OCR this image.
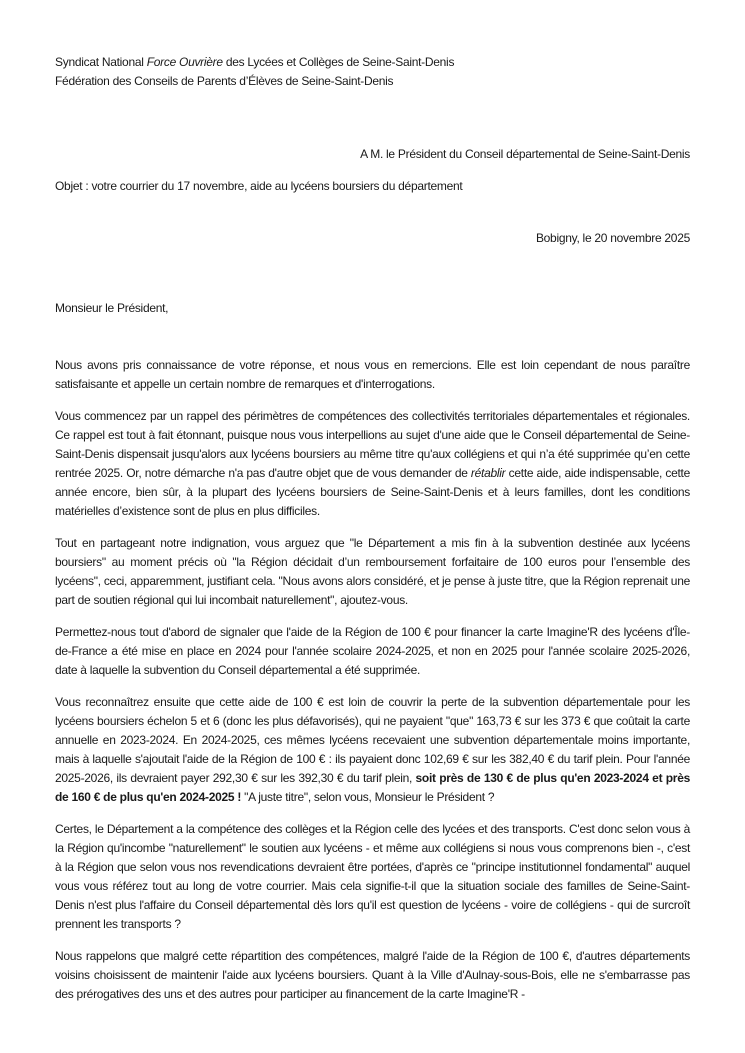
Syndicat National Force Ouvrière des Lycées et Collèges de Seine-Saint-Denis
Fédération des Conseils de Parents d’Élèves de Seine-Saint-Denis
A M. le Président du Conseil départemental de Seine-Saint-Denis
Objet : votre courrier du 17 novembre, aide au lycéens boursiers du département
Bobigny, le 20 novembre 2025
Monsieur le Président,

Nous avons pris connaissance de votre réponse, et nous vous en remercions. Elle est loin cependant de nous paraître satisfaisante et appelle un certain nombre de remarques et d'interrogations.

Vous commencez par un rappel des périmètres de compétences des collectivités territoriales départementales et régionales. Ce rappel est tout à fait étonnant, puisque nous vous interpellions au sujet d'une aide que le Conseil départemental de Seine-Saint-Denis dispensait jusqu'alors aux lycéens boursiers au même titre qu'aux collégiens et qui n’a été supprimée qu’en cette rentrée 2025. Or, notre démarche n'a pas d'autre objet que de vous demander de rétablir cette aide, aide indispensable, cette année encore, bien sûr, à la plupart des lycéens boursiers de Seine-Saint-Denis et à leurs familles, dont les conditions matérielles d’existence sont de plus en plus difficiles.

Tout en partageant notre indignation, vous arguez que "le Département a mis fin à la subvention destinée aux lycéens boursiers" au moment précis où "la Région décidait d’un remboursement forfaitaire de 100 euros pour l’ensemble des lycéens", ceci, apparemment, justifiant cela. "Nous avons alors considéré, et je pense à juste titre, que la Région reprenait une part de soutien régional qui lui incombait naturellement", ajoutez-vous.

Permettez-nous tout d'abord de signaler que l'aide de la Région de 100 € pour financer la carte Imagine'R des lycéens d'Île-de-France a été mise en place en 2024 pour l'année scolaire 2024-2025, et non en 2025 pour l'année scolaire 2025-2026, date à laquelle la subvention du Conseil départemental a été supprimée.

Vous reconnaîtrez ensuite que cette aide de 100 € est loin de couvrir la perte de la subvention départementale pour les lycéens boursiers échelon 5 et 6 (donc les plus défavorisés), qui ne payaient "que" 163,73 € sur les 373 € que coûtait la carte annuelle en 2023-2024. En 2024-2025, ces mêmes lycéens recevaient une subvention départementale moins importante, mais à laquelle s'ajoutait l'aide de la Région de 100 € : ils payaient donc 102,69 € sur les 382,40 € du tarif plein. Pour l'année 2025-2026, ils devraient payer 292,30 € sur les 392,30 € du tarif plein, soit près de 130 € de plus qu'en 2023-2024 et près de 160 € de plus qu'en 2024-2025 ! "A juste titre", selon vous, Monsieur le Président ?

Certes, le Département a la compétence des collèges et la Région celle des lycées et des transports. C'est donc selon vous à la Région qu'incombe "naturellement" le soutien aux lycéens - et même aux collégiens si nous vous comprenons bien -, c'est à la Région que selon vous nos revendications devraient être portées, d'après ce "principe institutionnel fondamental" auquel vous vous référez tout au long de votre courrier. Mais cela signifie-t-il que la situation sociale des familles de Seine-Saint-Denis n'est plus l'affaire du Conseil départemental dès lors qu'il est question de lycéens - voire de collégiens - qui de surcroît prennent les transports ?

Nous rappelons que malgré cette répartition des compétences, malgré l'aide de la Région de 100 €, d'autres départements voisins choisissent de maintenir l'aide aux lycéens boursiers. Quant à la Ville d'Aulnay-sous-Bois, elle ne s'embarrasse pas des prérogatives des uns et des autres pour participer au financement de la carte Imagine'R -
